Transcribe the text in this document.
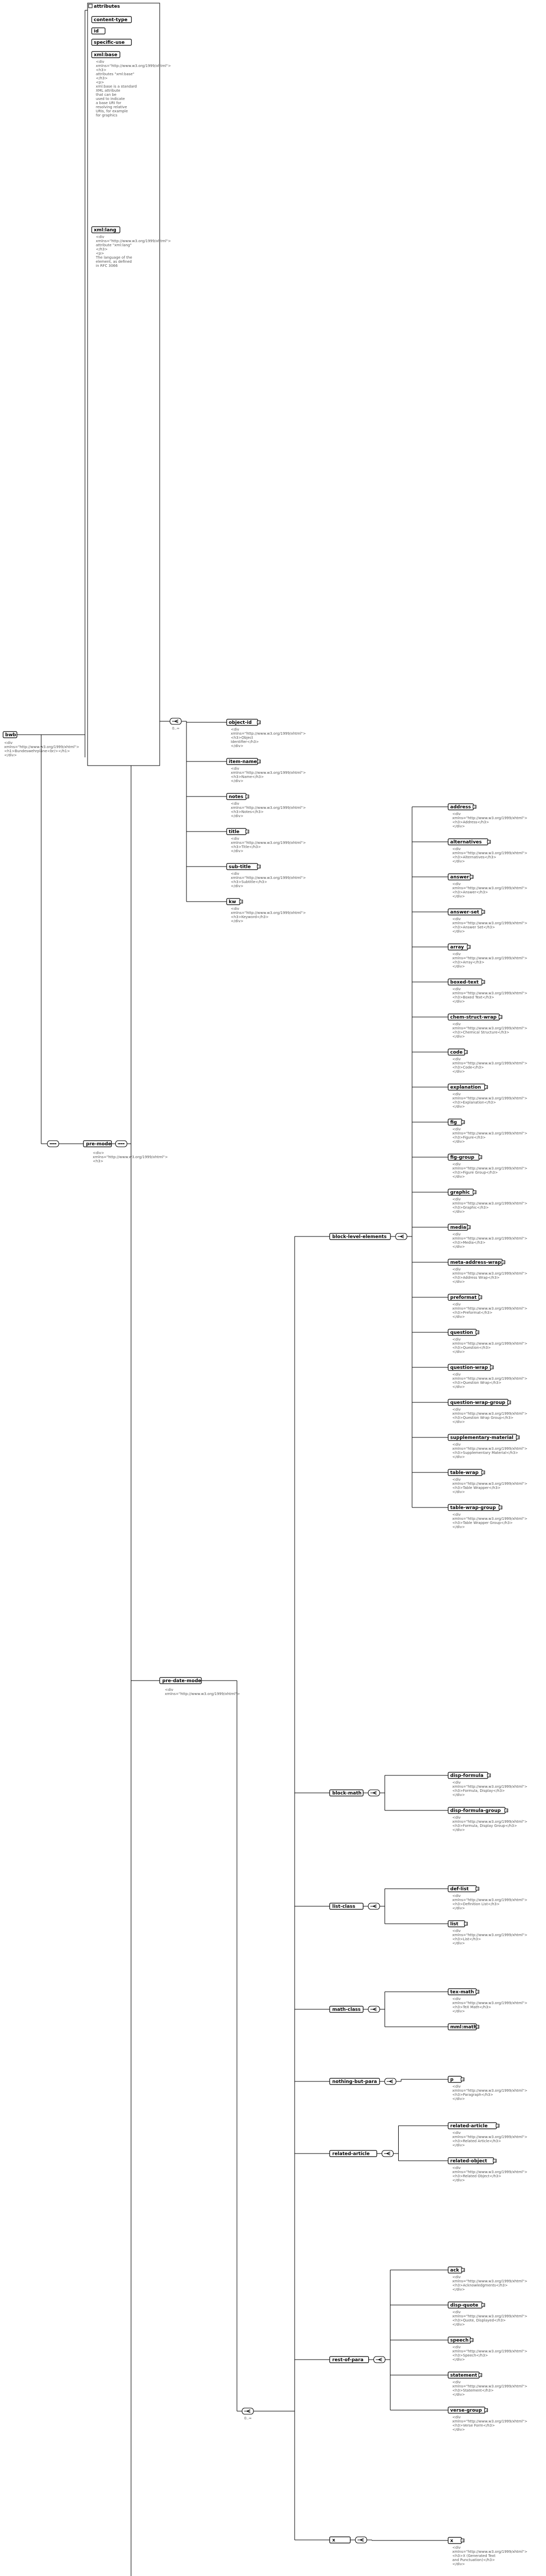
bwb
<div
xmlns="http://www.w3.org/1999/xhtml">
<h1>Bundeswehrpläne<br/></h1>
</div>
attributes
content-type
id
specific-use
xml:base
<div
xmlns="http://www.w3.org/1999/xhtml">
<h3>
attributes "xml:base"
</h3>
<p>
xml:base is a standard
XML attribute
that can be
used to indicate
a base URI for
resolving relative
URIs, for example
for graphics
xml:lang
<div
xmlns="http://www.w3.org/1999/xhtml">
attribute "xml:lang"
</h3>
<p>
The language of the
element, as defined
in RFC 3066
pre-mode
<div>
xmlns="http://www.w3.org/1999/xhtml">
<h3>
0..∞
+
object-id
<div
xmlns="http://www.w3.org/1999/xhtml">
<h3>Object
Identifier</h3>
</div>
+
item-name
<div
xmlns="http://www.w3.org/1999/xhtml">
<h3>Name</h3>
</div>
+
notes
<div
xmlns="http://www.w3.org/1999/xhtml">
<h3>Notes</h3>
</div>
+
title
<div
xmlns="http://www.w3.org/1999/xhtml">
<h3>Title</h3>
</div>
+
sub-title
<div
xmlns="http://www.w3.org/1999/xhtml">
<h3>Subtitle</h3>
</div>
+
kw
<div
xmlns="http://www.w3.org/1999/xhtml">
<h3>Keyword</h3>
</div>
pre-date-mode
<div
xmlns="http://www.w3.org/1999/xhtml">
0..∞
block-level-elements
+
address
<div
xmlns="http://www.w3.org/1999/xhtml">
<h3>Address</h3>
</div>
+
alternatives
<div
xmlns="http://www.w3.org/1999/xhtml">
<h3>Alternatives</h3>
</div>
+
answer
<div
xmlns="http://www.w3.org/1999/xhtml">
<h3>Answer</h3>
</div>
+
answer-set
<div
xmlns="http://www.w3.org/1999/xhtml">
<h3>Answer Set</h3>
</div>
+
array
<div
xmlns="http://www.w3.org/1999/xhtml">
<h3>Array</h3>
</div>
+
boxed-text
<div
xmlns="http://www.w3.org/1999/xhtml">
<h3>Boxed Text</h3>
</div>
+
chem-struct-wrap
<div
xmlns="http://www.w3.org/1999/xhtml">
<h3>Chemical Structure</h3>
</div>
+
code
<div
xmlns="http://www.w3.org/1999/xhtml">
<h3>Code</h3>
</div>
+
explanation
<div
xmlns="http://www.w3.org/1999/xhtml">
<h3>Explanation</h3>
</div>
+
fig
<div
xmlns="http://www.w3.org/1999/xhtml">
<h3>Figure</h3>
</div>
+
fig-group
<div
xmlns="http://www.w3.org/1999/xhtml">
<h3>Figure Group</h3>
</div>
+
graphic
<div
xmlns="http://www.w3.org/1999/xhtml">
<h3>Graphic</h3>
</div>
+
media
<div
xmlns="http://www.w3.org/1999/xhtml">
<h3>Media</h3>
</div>
+
meta-address-wrap
<div
xmlns="http://www.w3.org/1999/xhtml">
<h3>Address Wrap</h3>
</div>
+
preformat
<div
xmlns="http://www.w3.org/1999/xhtml">
<h3>Preformat</h3>
</div>
+
question
<div
xmlns="http://www.w3.org/1999/xhtml">
<h3>Question</h3>
</div>
+
question-wrap
<div
xmlns="http://www.w3.org/1999/xhtml">
<h3>Question Wrap</h3>
</div>
+
question-wrap-group
<div
xmlns="http://www.w3.org/1999/xhtml">
<h3>Question Wrap Group</h3>
</div>
+
supplementary-material
<div
xmlns="http://www.w3.org/1999/xhtml">
<h3>Supplementary Material</h3>
</div>
+
table-wrap
<div
xmlns="http://www.w3.org/1999/xhtml">
<h3>Table Wrapper</h3>
</div>
+
table-wrap-group
<div
xmlns="http://www.w3.org/1999/xhtml">
<h3>Table Wrapper Group</h3>
</div>
block-math
+
disp-formula
<div
xmlns="http://www.w3.org/1999/xhtml">
<h3>Formula, Display</h3>
</div>
+
disp-formula-group
<div
xmlns="http://www.w3.org/1999/xhtml">
<h3>Formula, Display Group</h3>
</div>
list-class
+
def-list
<div
xmlns="http://www.w3.org/1999/xhtml">
<h3>Definition List</h3>
</div>
+
list
<div
xmlns="http://www.w3.org/1999/xhtml">
<h3>List</h3>
</div>
math-class
+
tex-math
<div
xmlns="http://www.w3.org/1999/xhtml">
<h3>TeX Math</h3>
</div>
+
mml:math
nothing-but-para	+
p
<div
xmlns="http://www.w3.org/1999/xhtml">
<h3>Paragraph</h3>
</div>
related-article
+
related-article
<div
xmlns="http://www.w3.org/1999/xhtml">
<h3>Related Article</h3>
</div>
+
related-object
<div
xmlns="http://www.w3.org/1999/xhtml">
<h3>Related Object</h3>
</div>
rest-of-para
+
ack
<div
xmlns="http://www.w3.org/1999/xhtml">
<h3>Acknowledgments</h3>
</div>
+
disp-quote
<div
xmlns="http://www.w3.org/1999/xhtml">
<h3>Quote, Displayed</h3>
</div>
+
speech
<div
xmlns="http://www.w3.org/1999/xhtml">
<h3>Speech</h3>
</div>
+
statement
<div
xmlns="http://www.w3.org/1999/xhtml">
<h3>Statement</h3>
</div>
+
verse-group
<div
xmlns="http://www.w3.org/1999/xhtml">
<h3>Verse Form</h3>
</div>
x	+
x
<div
xmlns="http://www.w3.org/1999/xhtml">
<h3>X (Generated Text
and Punctuation)</h3>
</div>
